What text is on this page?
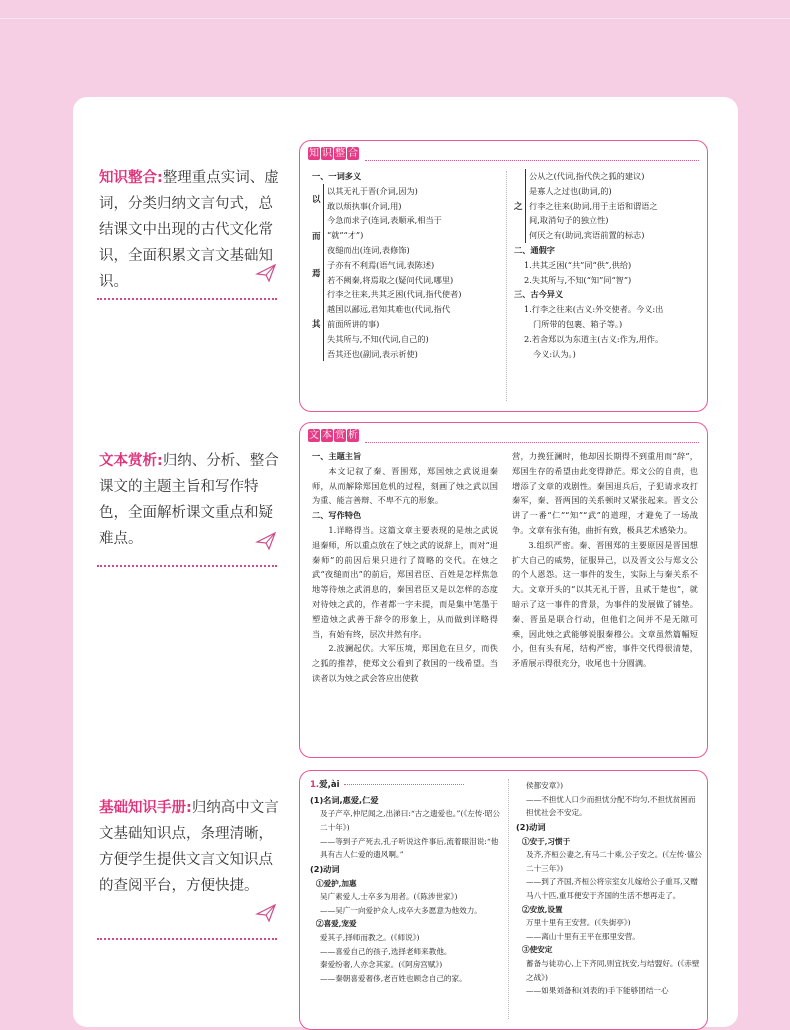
知识整合:整理重点实词、虚词，分类归纳文言句式，总结课文中出现的古代文化常识，全面积累文言文基础知识。
文本赏析:归纳、分析、整合课文的主题主旨和写作特色，全面解析课文重点和疑难点。
基础知识手册:归纳高中文言文基础知识点，条理清晰，方便学生提供文言文知识点的查阅平台，方便快捷。
知 识 整 合
一、一词多义
以
以其无礼于晋(介词,因为)
敢以烦执事(介词,用)
而
今急而求子(连词,表顺承,相当于
“就”“才”)
夜缒而出(连词,表修饰)
焉
子亦有不利焉(语气词,表陈述)
若不阙秦,将焉取之(疑问代词,哪里)
其
行李之往来,共其乏困(代词,指代使者)
越国以鄙远,君知其难也(代词,指代
前面所讲的事)
失其所与,不知(代词,自己的)
吾其还也(副词,表示祈使)
之
公从之(代词,指代佚之狐的建议)
是寡人之过也(助词,的)
行李之往来(助词,用于主语和谓语之
间,取消句子的独立性)
何厌之有(助词,宾语前置的标志)
二、通假字
1.共其乏困(“共”同“供”,供给)
2.失其所与,不知(“知”同“智”)
三、古今异义
1.行李之往来(古义:外交使者。今义:出
门所带的包裹、箱子等。)
2.若舍郑以为东道主(古义:作为,用作。
今义:认为。)
文 本 赏 析
一、主题主旨
本文记叙了秦、晋围郑，郑国烛之武说退秦师，从而解除郑国危机的过程，刻画了烛之武以国为重、能言善辩、不卑不亢的形象。
二、写作特色
1.详略得当。这篇文章主要表现的是烛之武说退秦师，所以重点放在了烛之武的说辞上，而对“退秦师”的前因后果只进行了简略的交代。在烛之武“夜缒而出”的前后，郑国君臣、百姓是怎样焦急地等待烛之武消息的，秦国君臣又是以怎样的态度对待烛之武的，作者都一字未提，而是集中笔墨于塑造烛之武善于辞令的形象上，从而做到详略得当，有始有终，层次井然有序。
2.波澜起伏。大军压境，郑国危在旦夕，而佚之狐的推荐，使郑文公看到了救国的一线希望。当读者以为烛之武会答应出使救
营，力挽狂澜时，他却因长期得不到重用而“辞”，郑国生存的希望由此变得渺茫。郑文公的自责，也增添了文章的戏剧性。秦国退兵后，子犯请求攻打秦军，秦、晋两国的关系顿时又紧张起来。晋文公讲了一番“仁”“知”“武”的道理，才避免了一场战争。文章有张有弛，曲折有致，极具艺术感染力。
3.组织严密。秦、晋围郑的主要原因是晋国想扩大自己的威势，征服异己，以及晋文公与郑文公的个人恩怨。这一事件的发生，实际上与秦关系不大。文章开头的“以其无礼于晋，且贰于楚也”，就暗示了这一事件的背景，为事件的发展做了铺垫。秦、晋虽是联合行动，但他们之间并不是无隙可乘，因此烛之武能够说服秦穆公。文章虽然篇幅短小，但有头有尾，结构严密，事件交代得很清楚，矛盾展示得很充分，收尾也十分圆满。
1.爱,ài
(1)名词,惠爱,仁爱
及子产卒,仲尼闻之,出涕曰:“古之遗爱也。”(《左传·昭公二十年》)
——等到子产死去,孔子听说这件事后,流着眼泪说:“他具有古人仁爱的遗风啊。”
(2)动词
①爱护,加惠
吴广素爱人,士卒多为用者。(《陈涉世家》)
——吴广一向爱护众人,戍卒大多愿意为他效力。
②喜爱,宠爱
爱其子,择师而教之。(《师说》)
——喜爱自己的孩子,选择老师来教他。
秦爱纷奢,人亦念其家。(《阿房宫赋》)
——秦朝喜爱奢侈,老百姓也顾念自己的家。
侯都安章》)
——不担忧人口少而担忧分配不均匀,不担忧贫困而担忧社会不安定。
(2)动词
①安于,习惯于
及齐,齐桓公妻之,有马二十乘,公子安之。(《左传·僖公二十三年》)
——到了齐国,齐桓公将宗室女儿嫁给公子重耳,又赠马八十匹,重耳便安于齐国的生活不想再走了。
②安放,设置
万里十里有王安营。(《失街亭》)
——离山十里有王平在那里安营。
③使安定
蓄备与徒功心,上下齐同,则宜抚安,与结盟好。(《赤壁之战》)
——如果刘备和(刘表的)手下能够团结一心
